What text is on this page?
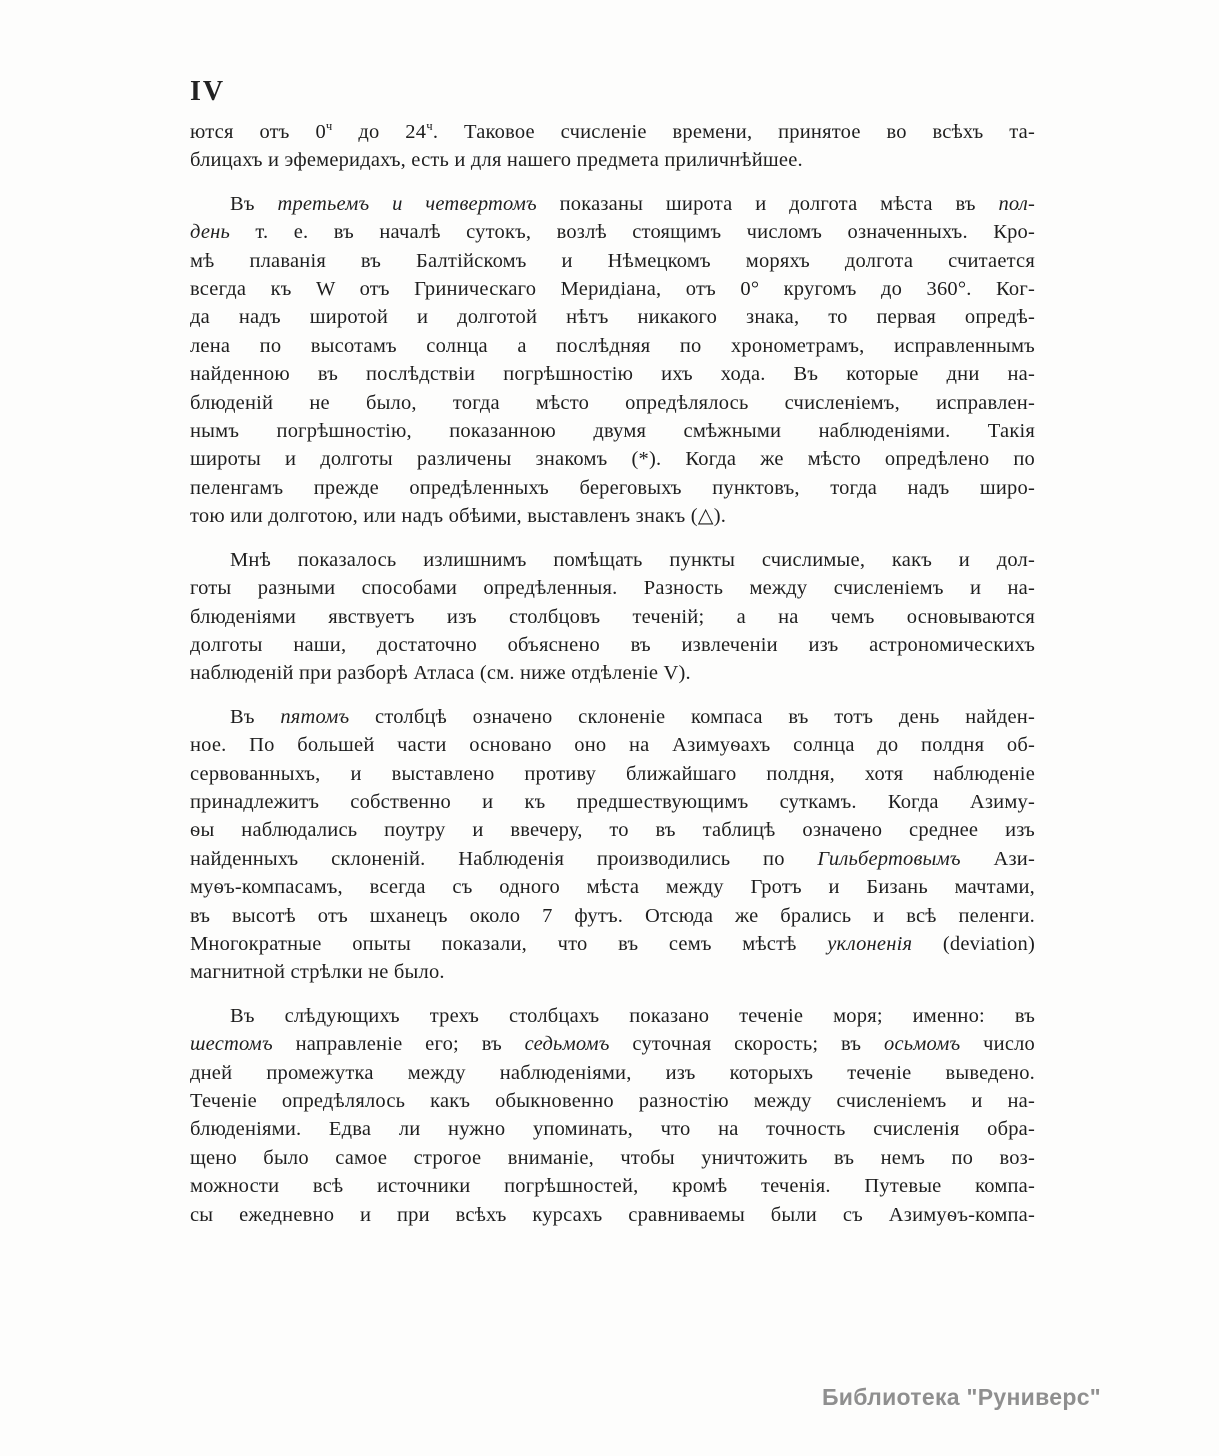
IV
ются отъ $0^ч$ до $24^ч$. Таковое счисленіе времени, принятое во всѣхъ та-
блицахъ и эфемеридахъ, есть и для нашего предмета приличнѣйшее.
Въ третьемъ и четвертомъ показаны широта и долгота мѣста въ пол-
день т. е. въ началѣ сутокъ, возлѣ стоящимъ числомъ означенныхъ. Кро-
мѣ плаванія въ Балтійскомъ и Нѣмецкомъ моряхъ долгота считается
всегда къ W отъ Гриническаго Меридіана, отъ 0° кругомъ до 360°. Ког-
да надъ широтой и долготой нѣтъ никакого знака, то первая опредѣ-
лена по высотамъ солнца а послѣдняя по хронометрамъ, исправленнымъ
найденною въ послѣдствіи погрѣшностію ихъ хода. Въ которые дни на-
блюденій не было, тогда мѣсто опредѣлялось счисленіемъ, исправлен-
нымъ погрѣшностію, показанною двумя смѣжными наблюденіями. Такія
широты и долготы различены знакомъ (*). Когда же мѣсто опредѣлено по
пеленгамъ прежде опредѣленныхъ береговыхъ пунктовъ, тогда надъ широ-
тою или долготою, или надъ обѣими, выставленъ знакъ (△).
Мнѣ показалось излишнимъ помѣщать пункты счислимые, какъ и дол-
готы разными способами опредѣленныя. Разность между счисленіемъ и на-
блюденіями явствуетъ изъ столбцовъ теченій; а на чемъ основываются
долготы наши, достаточно объяснено въ извлеченіи изъ астрономическихъ
наблюденій при разборѣ Атласа (см. ниже отдѣленіе V).
Въ пятомъ столбцѣ означено склоненіе компаса въ тотъ день найден-
ное. По большей части основано оно на Азимуѳахъ солнца до полдня об-
сервованныхъ, и выставлено противу ближайшаго полдня, хотя наблюденіе
принадлежитъ собственно и къ предшествующимъ суткамъ. Когда Азиму-
ѳы наблюдались поутру и ввечеру, то въ таблицѣ означено среднее изъ
найденныхъ склоненій. Наблюденія производились по Гильбертовымъ Ази-
муѳъ-компасамъ, всегда съ одного мѣста между Гротъ и Бизань мачтами,
въ высотѣ отъ шханецъ около 7 футъ. Отсюда же брались и всѣ пеленги.
Многократные опыты показали, что въ семъ мѣстѣ уклоненія (deviation)
магнитной стрѣлки не было.
Въ слѣдующихъ трехъ столбцахъ показано теченіе моря; именно: въ
шестомъ направленіе его; въ седьмомъ суточная скорость; въ осьмомъ число
дней промежутка между наблюденіями, изъ которыхъ теченіе выведено.
Теченіе опредѣлялось какъ обыкновенно разностію между счисленіемъ и на-
блюденіями. Едва ли нужно упоминать, что на точность счисленія обра-
щено было самое строгое вниманіе, чтобы уничтожить въ немъ по воз-
можности всѣ источники погрѣшностей, кромѣ теченія. Путевые компа-
сы ежедневно и при всѣхъ курсахъ сравниваемы были съ Азимуѳъ-компа-
Библиотека "Руниверс"
